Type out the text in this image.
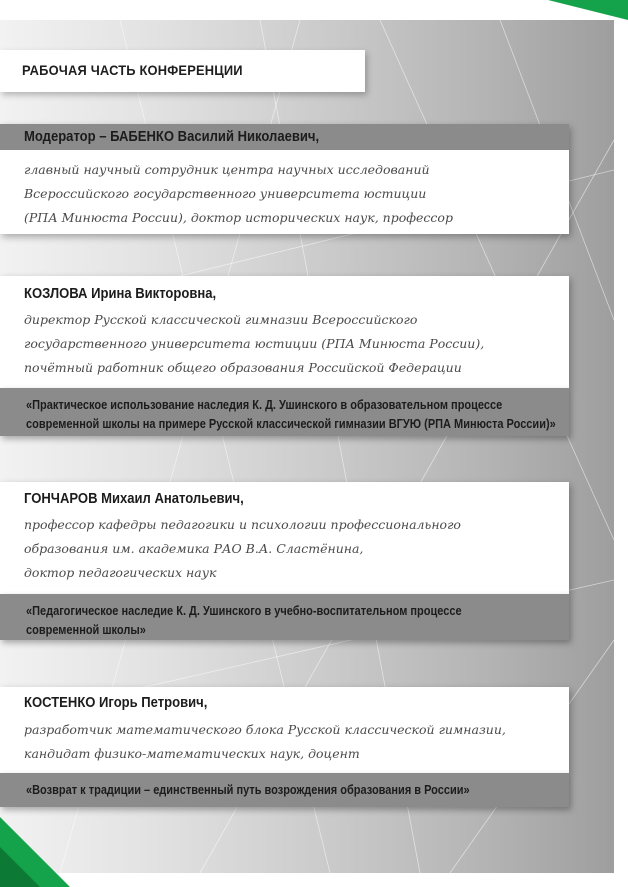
РАБОЧАЯ ЧАСТЬ КОНФЕРЕНЦИИ
Модератор – БАБЕНКО Василий Николаевич,
главный научный сотрудник центра научных исследований
Всероссийского государственного университета юстиции
(РПА Минюста России), доктор исторических наук, профессор
КОЗЛОВА Ирина Викторовна,
директор Русской классической гимназии Всероссийского
государственного университета юстиции (РПА Минюста России),
почётный работник общего образования Российской Федерации
«Практическое использование наследия К. Д. Ушинского в образовательном процессе
современной школы на примере Русской классической гимназии ВГУЮ (РПА Минюста России)»
ГОНЧАРОВ Михаил Анатольевич,
профессор кафедры педагогики и психологии профессионального
образования им. академика РАО В.А. Сластёнина,
доктор педагогических наук
«Педагогическое наследие К. Д. Ушинского в учебно-воспитательном процессе
современной школы»
КОСТЕНКО Игорь Петрович,
разработчик математического блока Русской классической гимназии,
кандидат физико-математических наук, доцент
«Возврат к традиции – единственный путь возрождения образования в России»
